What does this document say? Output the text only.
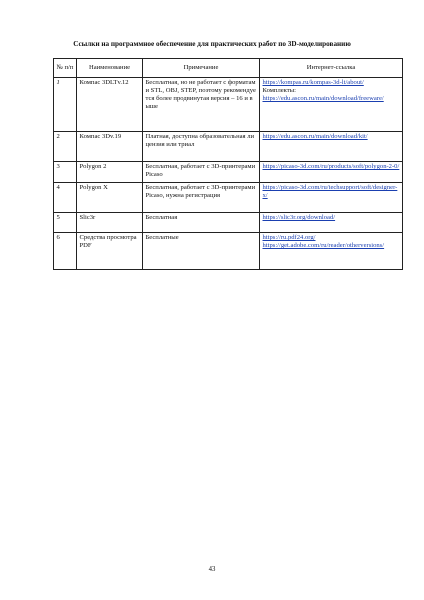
Ссылки на программное обеспечение для практических работ по 3D-моделированию
№ п/п	Наименование	Примечание	Интернет-ссылка
1	Компас 3DLTv.12	Бесплатная, но не работает с форматами STL, OBJ, STEP, поэтому рекомендуется более продвинутая версия – 16 и выше	https://kompas.ru/kompas-3d-lt/about/
Комплекты:
https://edu.ascon.ru/main/download/freeware/

2	Компас 3Dv.19	Платная, доступна образовательная лицензия или триал	https://edu.ascon.ru/main/download/kit/

3	Polygon 2	Бесплатная, работает с 3D-принтерами Picaso	https://picaso-3d.com/ru/products/soft/polygon-2-0/

4	Polygon X	Бесплатная, работает с 3D-принтерами Picaso, нужна регистрация	https://picaso-3d.com/ru/techsupport/soft/designer-x/

5	Slic3r	Бесплатная	https://slic3r.org/download/

6	Средства просмотра PDF	Бесплатные	https://ru.pdf24.org/
https://get.adobe.com/ru/reader/otherversions/
43
